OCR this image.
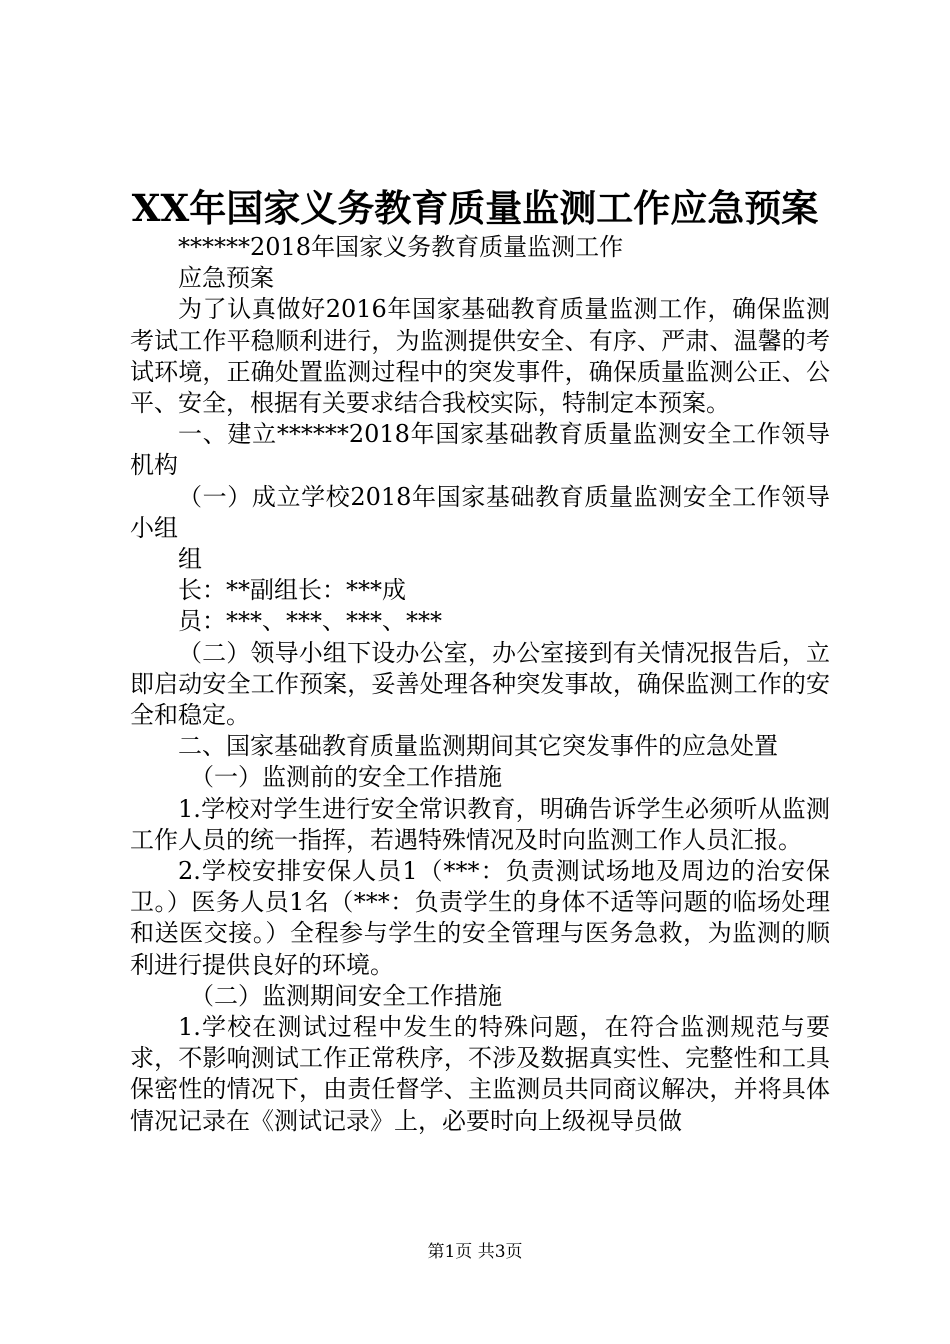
XX年国家义务教育质量监测工作应急预案

******2018年国家义务教育质量监测工作

应急预案

为了认真做好2016年国家基础教育质量监测工作，确保监测考试工作平稳顺利进行，为监测提供安全、有序、严肃、温馨的考试环境，正确处置监测过程中的突发事件，确保质量监测公正、公平、安全，根据有关要求结合我校实际，特制定本预案。

一、建立******2018年国家基础教育质量监测安全工作领导机构

（一）成立学校2018年国家基础教育质量监测安全工作领导小组

组

长：**副组长：***成

员：***、***、***、***

（二）领导小组下设办公室，办公室接到有关情况报告后，立即启动安全工作预案，妥善处理各种突发事故，确保监测工作的安全和稳定。

二、国家基础教育质量监测期间其它突发事件的应急处置

（一）监测前的安全工作措施

1.学校对学生进行安全常识教育，明确告诉学生必须听从监测工作人员的统一指挥，若遇特殊情况及时向监测工作人员汇报。

2.学校安排安保人员1（***：负责测试场地及周边的治安保卫。）医务人员1名（***：负责学生的身体不适等问题的临场处理和送医交接。）全程参与学生的安全管理与医务急救，为监测的顺利进行提供良好的环境。

（二）监测期间安全工作措施

1.学校在测试过程中发生的特殊问题，在符合监测规范与要求，不影响测试工作正常秩序，不涉及数据真实性、完整性和工具保密性的情况下，由责任督学、主监测员共同商议解决，并将具体情况记录在《测试记录》上，必要时向上级视导员做

第1页 共3页
